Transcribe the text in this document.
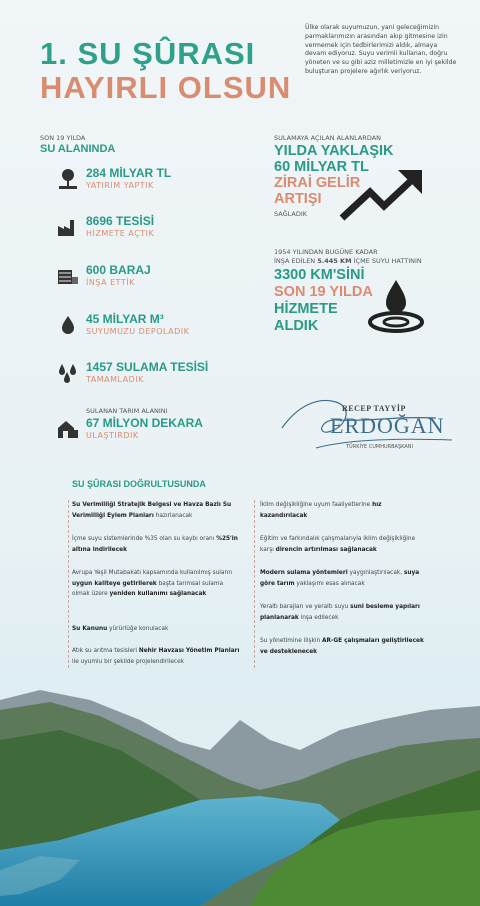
1. SU ŞÛRASI
HAYIRLI OLSUN
Ülke olarak suyumuzun, yani geleceğimizin parmaklarımızın arasından akıp gitmesine izin vermemek için tedbirlerimizi aldık, almaya devam ediyoruz. Suyu verimli kullanan, doğru yöneten ve su gibi aziz milletimizle en iyi şekilde buluşturan projelere ağırlık veriyoruz.
SON 19 YILDA
SU ALANINDA
284 MİLYAR TL
YATIRIM YAPTIK
8696 TESİSİ
HİZMETE AÇTIK
600 BARAJ
İNŞA ETTİK
45 MİLYAR M³
SUYUMUZU DEPOLADIK
1457 SULAMA TESİSİ
TAMAMLADIK
SULANAN TARIM ALANINI
67 MİLYON DEKARA
ULAŞTIRDIK
SULAMAYA AÇILAN ALANLARDAN
YILDA YAKLAŞIK
60 MİLYAR TL
ZİRAİ GELİR
ARTIŞI
SAĞLADIK
1954 YILINDAN BUGÜNE KADAR
İNŞA EDİLEN 5.445 KM İÇME SUYU HATTININ
3300 KM'SİNİ
SON 19 YILDA
HİZMETE
ALDIK
RECEP TAYYİP
ERDOĞAN
TÜRKİYE CUMHURBAŞKANI
SU ŞÛRASI DOĞRULTUSUNDA
Su Verimliliği Stratejik Belgesi ve Havza Bazlı Su Verimliliği Eylem Planları hazırlanacak
İçme suyu sistemlerinde %35 olan su kaybı oranı %25'in altına indirilecek
Avrupa Yeşil Mutabakatı kapsamında kullanılmış suların uygun kaliteye getirilerek başta tarımsal sulama olmak üzere yeniden kullanımı sağlanacak
Su Kanunu yürürlüğe konulacak
Atık su arıtma tesisleri Nehir Havzası Yönetim Planları ile uyumlu bir şekilde projelendirilecek
İklim değişikliğine uyum faaliyetlerine hız kazandırılacak
Eğitim ve farkındalık çalışmalarıyla iklim değişikliğine karşı direncin artırılması sağlanacak
Modern sulama yöntemleri yaygınlaştırılacak, suya göre tarım yaklaşımı esas alınacak
Yeraltı barajları ve yeraltı suyu suni besleme yapıları planlanarak inşa edilecek
Su yönetimine ilişkin AR-GE çalışmaları geliştirilecek ve desteklenecek
